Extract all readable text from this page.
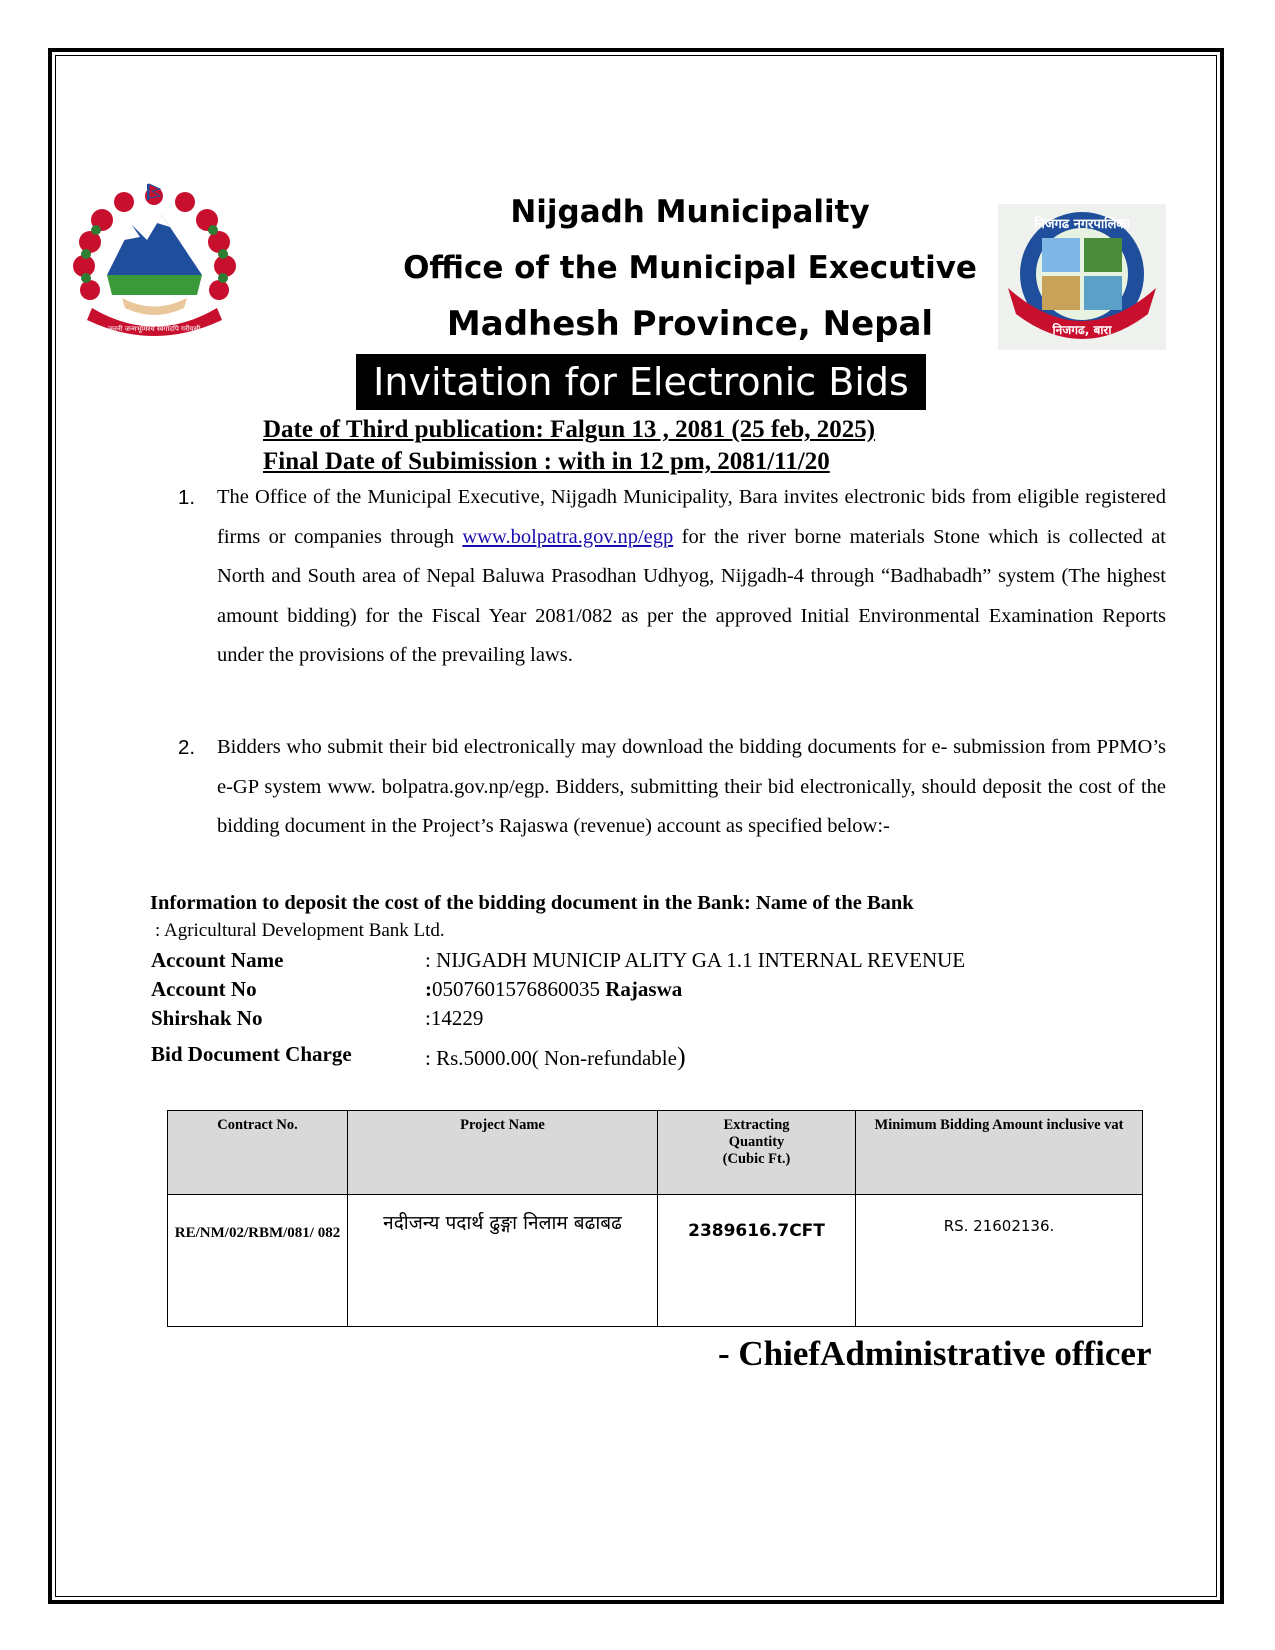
जननी जन्मभूमिश्च स्वर्गादपि गरीयसी
निजगढ नगरपालिका
निजगढ, बारा
Nijgadh Municipality
Office of the Municipal Executive
Madhesh Province, Nepal
Invitation for Electronic Bids
Date of Third publication: Falgun 13 , 2081 (25 feb, 2025)
Final Date of Subimission : with in 12 pm, 2081/11/20
1.	The Office of the Municipal Executive, Nijgadh Municipality, Bara invites electronic bids from eligible registered firms or companies through www.bolpatra.gov.np/egp for the river borne materials Stone which is collected at North and South area of Nepal Baluwa Prasodhan Udhyog, Nijgadh-4 through “Badhabadh” system (The highest amount bidding) for the Fiscal Year 2081/082 as per the approved Initial Environmental Examination Reports under the provisions of the prevailing laws.
2.	Bidders who submit their bid electronically may download the bidding documents for e- submission from PPMO’s e-GP system www. bolpatra.gov.np/egp. Bidders, submitting their bid electronically, should deposit the cost of the bidding document in the Project’s Rajaswa (revenue) account as specified below:-
Information to deposit the cost of the bidding document in the Bank: Name of the Bank
: Agricultural Development Bank Ltd.
Account Name	: NIJGADH MUNICIP ALITY GA 1.1 INTERNAL REVENUE
Account No	:0507601576860035 Rajaswa
Shirshak No	:14229
Bid Document Charge	: Rs.5000.00( Non-refundable)
Contract No.	Project Name	Extracting
Quantity
(Cubic Ft.)	Minimum Bidding Amount inclusive vat
RE/NM/02/RBM/081/ 082	नदीजन्य पदार्थ ढुङ्गा निलाम बढाबढ	2389616.7CFT	RS. 21602136.
- ChiefAdministrative officer
